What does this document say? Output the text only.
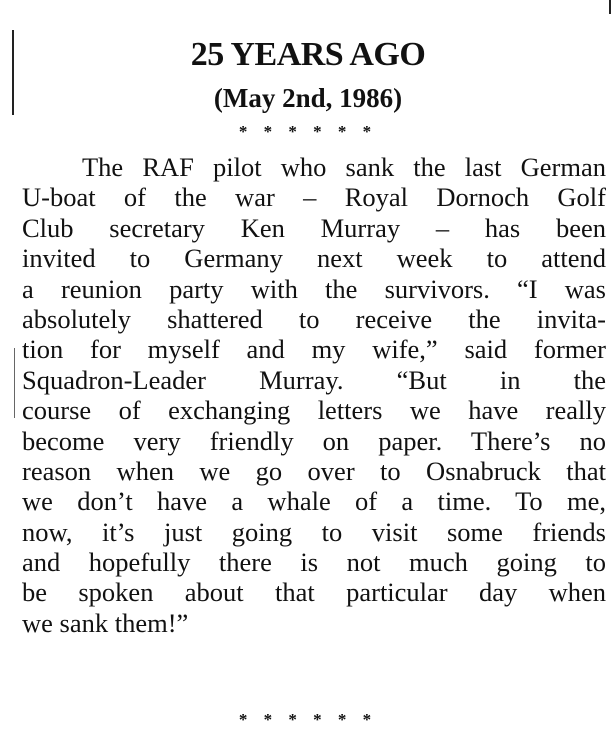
25 YEARS AGO
(May 2nd, 1986)
* * * * * *
The RAF pilot who sank the last German
U-boat of the war – Royal Dornoch Golf
Club secretary Ken Murray – has been
invited to Germany next week to attend
a reunion party with the survivors. “I was
absolutely shattered to receive the invita-
tion for myself and my wife,” said former
Squadron-Leader Murray. “But in the
course of exchanging letters we have really
become very friendly on paper. There’s no
reason when we go over to Osnabruck that
we don’t have a whale of a time. To me,
now, it’s just going to visit some friends
and hopefully there is not much going to
be spoken about that particular day when
we sank them!”
* * * * * *
